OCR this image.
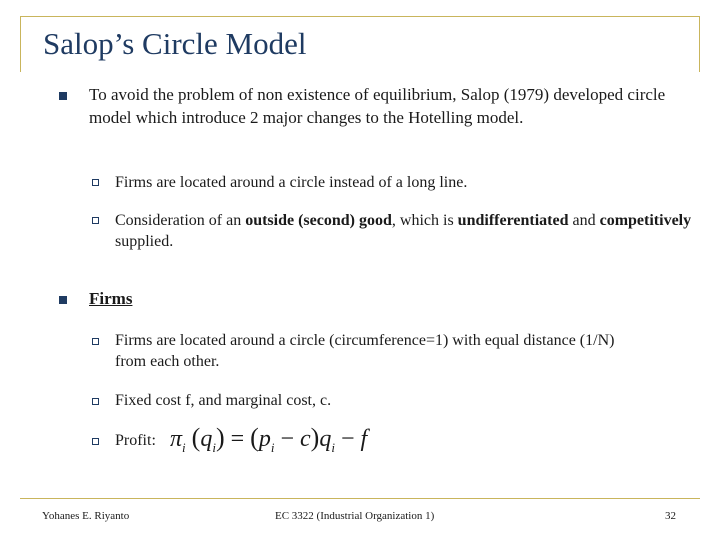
Salop’s Circle Model
To avoid the problem of non existence of equilibrium, Salop (1979) developed circle model which introduce 2 major changes to the Hotelling model.
Firms are located around a circle instead of a long line.
Consideration of an outside (second) good, which is undifferentiated and competitively supplied.
Firms
Firms are located around a circle (circumference=1) with equal distance (1/N) from each other.
Fixed cost f, and marginal cost, c.
Profit: $\pi_i$ $(q_i) = (p_i - c)q_i - f$
Yohanes E. Riyanto	EC 3322 (Industrial Organization 1)	32
